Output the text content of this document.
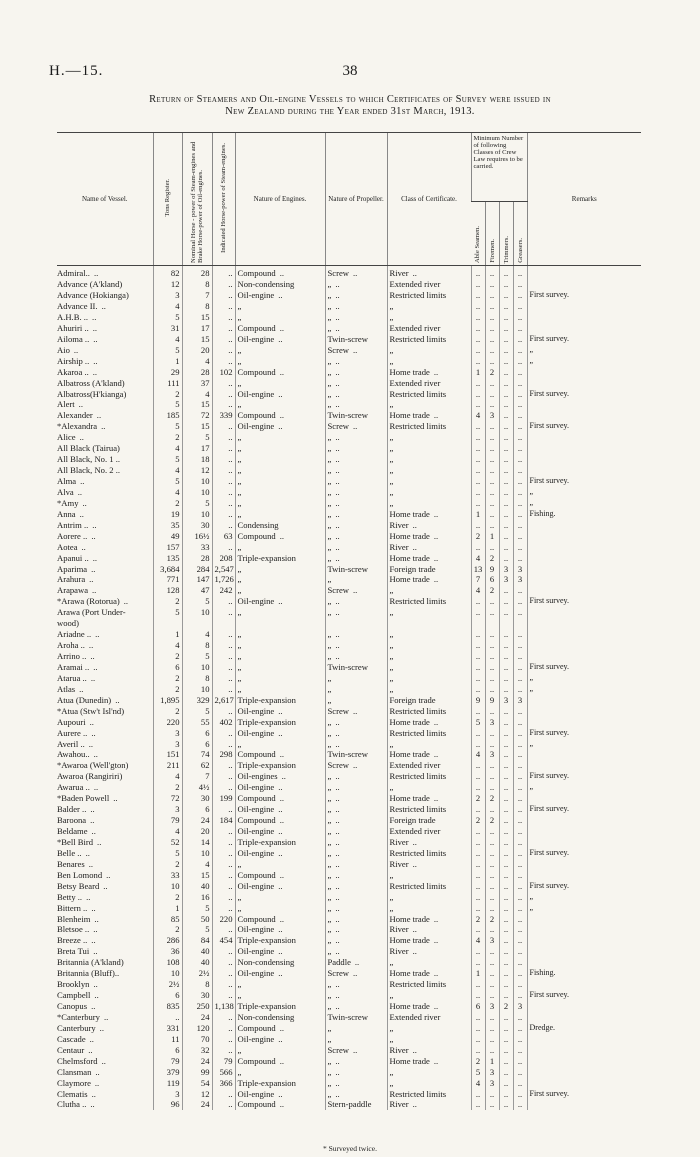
H.—15.	38
Return of Steamers and Oil-engine Vessels to which Certificates of Survey were issued in
New Zealand during the Year ended 31st March, 1913.
Name of Vessel.	Tons Register.	Nominal Horse - power of Steam-engines and Brake Horse-power of Oil-engines.	Indicated Horse-power of Steam-engines.	Nature of Engines.	Nature of Propeller.	Class of Certificate.	Minimum Number of following Classes of Crew Law requires to be carried.				Remarks
							Able Seamen.	Firemen.	Trimmers.	Greasers.	
Admiral.. ..	82	28	..	Compound ..	Screw ..	River ..	..	..	..	..	
Advance (A'kland)	12	8	..	Non-condensing	„ ..	Extended river	..	..	..	..	
Advance (Hokianga)	3	7	..	Oil-engine ..	„ ..	Restricted limits	..	..	..	..	First survey.
Advance II. ..	4	8	..	„	„ ..	„	..	..	..	..	
A.H.B. .. ..	5	15	..	„	„ ..	„	..	..	..	..	
Ahuriri .. ..	31	17	..	Compound ..	„ ..	Extended river	..	..	..	..	
Ailoma .. ..	4	15	..	Oil-engine ..	Twin-screw	Restricted limits	..	..	..	..	First survey.
Aio ..	5	20	..	„	Screw ..	„	..	..	..	..	„
Airship .. ..	1	4	..	„	„ ..	„	..	..	..	..	„
Akaroa .. ..	29	28	102	Compound ..	„ ..	Home trade ..	1	2	..	..	
Albatross (A'kland)	111	37	..	„	„ ..	Extended river	..	..	..	..	
Albatross(H'kianga)	2	4	..	Oil-engine ..	„ ..	Restricted limits	..	..	..	..	First survey.
Alert ..	5	15	..	„	„ ..	„	..	..	..	..	
Alexander ..	185	72	339	Compound ..	Twin-screw	Home trade ..	4	3	..	..	
*Alexandra ..	5	15	..	Oil-engine ..	Screw ..	Restricted limits	..	..	..	..	First survey.
Alice ..	2	5	..	„	„ ..	„	..	..	..	..	
All Black (Tairua)	4	17	..	„	„ ..	„	..	..	..	..	
All Black, No. 1 ..	5	18	..	„	„ ..	„	..	..	..	..	
All Black, No. 2 ..	4	12	..	„	„ ..	„	..	..	..	..	
Alma ..	5	10	..	„	„ ..	„	..	..	..	..	First survey.
Alva ..	4	10	..	„	„ ..	„	..	..	..	..	„
*Amy ..	2	5	..	„	„ ..	„	..	..	..	..	„
Anna ..	19	10	..	„	„ ..	Home trade ..	1	..	..	..	Fishing.
Antrim .. ..	35	30	..	Condensing	„ ..	River ..	..	..	..	..	
Aorere .. ..	49	16½	63	Compound ..	„ ..	Home trade ..	2	1	..	..	
Aotea ..	157	33	..	„	„ ..	River ..	..	..	..	..	
Apanui .. ..	135	28	208	Triple-expansion	„ ..	Home trade ..	4	2	..	..	
Aparima ..	3,684	284	2,547	„	Twin-screw	Foreign trade	13	9	3	3	
Arahura ..	771	147	1,726	„	„	Home trade ..	7	6	3	3	
Arapawa ..	128	47	242	„	Screw ..	„	4	2	..	..	
*Arawa (Rotorua) ..	2	5	..	Oil-engine ..	„ ..	Restricted limits	..	..	..	..	First survey.
Arawa (Port Under-	5	10	..	„	„ ..	„	..	..	..	..	
wood)											
Ariadne .. ..	1	4	..	„	„ ..	„	..	..	..	..	
Aroha .. ..	4	8	..	„	„ ..	„	..	..	..	..	
Arrino .. ..	2	5	..	„	„ ..	„	..	..	..	..	
Aramai .. ..	6	10	..	„	Twin-screw	„	..	..	..	..	First survey.
Atarua .. ..	2	8	..	„	„	„	..	..	..	..	„
Atlas ..	2	10	..	„	„	„	..	..	..	..	„
Atua (Dunedin) ..	1,895	329	2,617	Triple-expansion	„	Foreign trade	9	9	3	3	
*Atua (Stw't Isl'nd)	2	5	..	Oil-engine ..	Screw ..	Restricted limits	..	..	..	..	
Aupouri ..	220	55	402	Triple-expansion	„ ..	Home trade ..	5	3	..	..	
Aurere .. ..	3	6	..	Oil-engine ..	„ ..	Restricted limits	..	..	..	..	First survey.
Averil .. ..	3	6	..	„	„ ..	„	..	..	..	..	„
Awahou.. ..	151	74	298	Compound ..	Twin-screw	Home trade ..	4	3	..	..	
*Awaroa (Well'gton)	211	62	..	Triple-expansion	Screw ..	Extended river	..	..	..	..	
Awaroa (Rangiriri)	4	7	..	Oil-engines ..	„ ..	Restricted limits	..	..	..	..	First survey.
Awarua .. ..	2	4½	..	Oil-engine ..	„ ..	„	..	..	..	..	„
*Baden Powell ..	72	30	199	Compound ..	„ ..	Home trade ..	2	2	..	..	
Balder .. ..	3	6	..	Oil-engine ..	„ ..	Restricted limits	..	..	..	..	First survey.
Baroona ..	79	24	184	Compound ..	„ ..	Foreign trade	2	2	..	..	
Beldame ..	4	20	..	Oil-engine ..	„ ..	Extended river	..	..	..	..	
*Bell Bird ..	52	14	..	Triple-expansion	„ ..	River ..	..	..	..	..	
Belle .. ..	5	10	..	Oil-engine ..	„ ..	Restricted limits	..	..	..	..	First survey.
Benares ..	2	4	..	„	„ ..	River ..	..	..	..	..	
Ben Lomond ..	33	15	..	Compound ..	„ ..	„	..	..	..	..	
Betsy Beard ..	10	40	..	Oil-engine ..	„ ..	Restricted limits	..	..	..	..	First survey.
Betty .. ..	2	16	..	„	„ ..	„	..	..	..	..	„
Bittern .. ..	1	5	..	„	„ ..	„	..	..	..	..	„
Blenheim ..	85	50	220	Compound ..	„ ..	Home trade ..	2	2	..	..	
Bletsoe .. ..	2	5	..	Oil-engine ..	„ ..	River ..	..	..	..	..	
Breeze .. ..	286	84	454	Triple-expansion	„ ..	Home trade ..	4	3	..	..	
Breta Tui ..	36	40	..	Oil-engine ..	„ ..	River ..	..	..	..	..	
Britannia (A'kland)	108	40	..	Non-condensing	Paddle ..	„	..	..	..	..	
Britannia (Bluff)..	10	2½	..	Oil-engine ..	Screw ..	Home trade ..	1	..	..	..	Fishing.
Brooklyn ..	2½	8	..	„	„ ..	Restricted limits	..	..	..	..	
Campbell ..	6	30	..	„	„ ..	„	..	..	..	..	First survey.
Canopus ..	835	250	1,138	Triple-expansion	„ ..	Home trade ..	6	3	2	3	
*Canterbury ..	..	24	..	Non-condensing	Twin-screw	Extended river	..	..	..	..	
Canterbury ..	331	120	..	Compound ..	„	„	..	..	..	..	Dredge.
Cascade ..	11	70	..	Oil-engine ..	„	„	..	..	..	..	
Centaur ..	6	32	..	„	Screw ..	River ..	..	..	..	..	
Chelmsford ..	79	24	79	Compound ..	„ ..	Home trade ..	2	1	..	..	
Clansman ..	379	99	566	„	„ ..	„	5	3	..	..	
Claymore ..	119	54	366	Triple-expansion	„ ..	„	4	3	..	..	
Clematis ..	3	12	..	Oil-engine ..	„ ..	Restricted limits	..	..	..	..	First survey.
Clutha .. ..	96	24	..	Compound ..	Stern-paddle	River ..	..	..	..	..	
* Surveyed twice.
